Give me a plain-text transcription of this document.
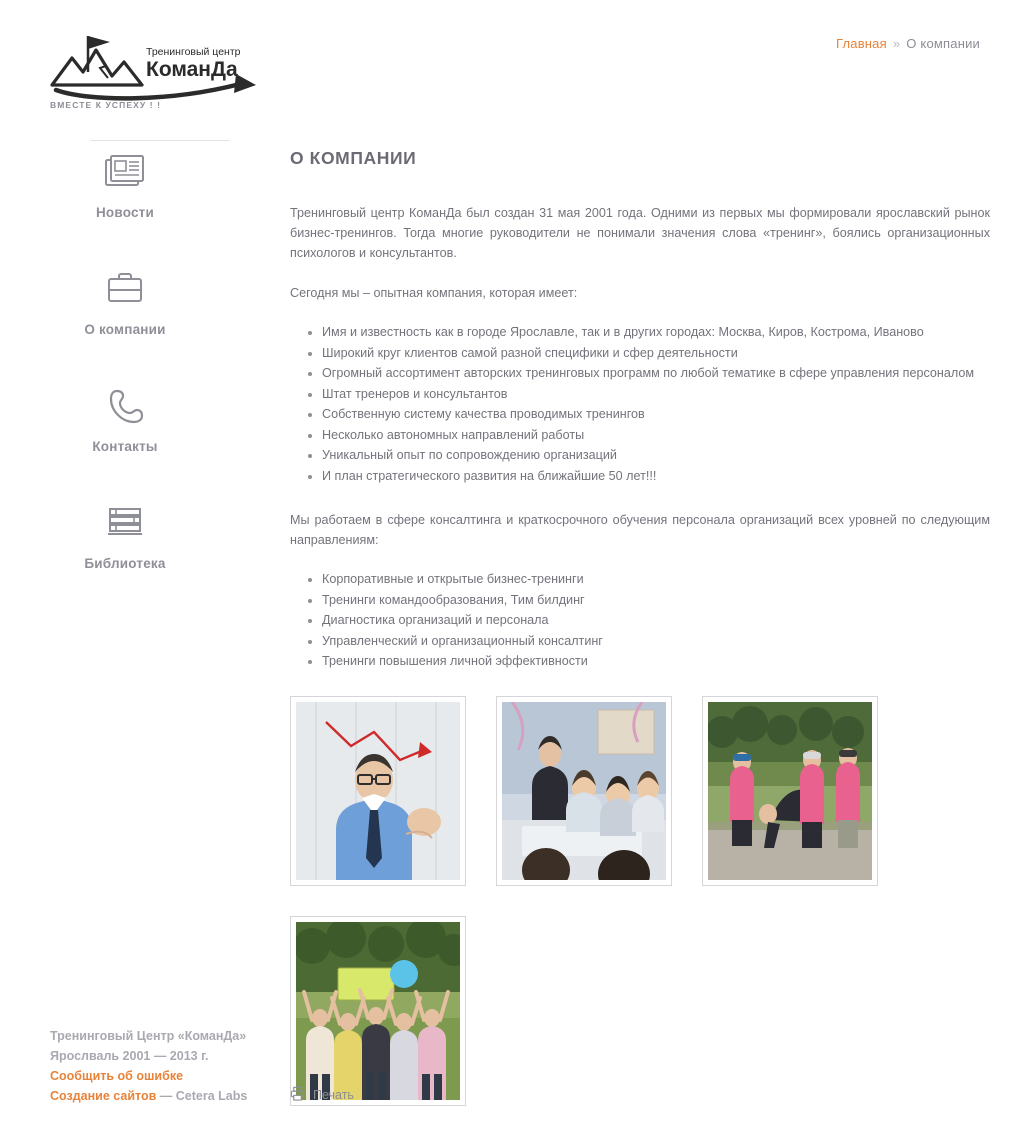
Главная » О компании
Тренинговый центр
КоманДа
ВМЕСТЕ К УСПЕХУ ! !
Новости
О компании
Контакты
Библиотека
Тренинговый Центр «КоманДа»
Ярослваль 2001 — 2013 г.
Сообщить об ошибке
Создание сайтов — Cetera Labs
О КОМПАНИИ

Тренинговый центр КоманДа был создан 31 мая 2001 года. Одними из первых мы формировали ярославский рынок бизнес-тренингов. Тогда многие руководители не понимали значения слова «тренинг», боялись организационных психологов и консультантов.

Сегодня мы – опытная компания, которая имеет:

Имя и известность как в городе Ярославле, так и в других городах: Москва, Киров, Кострома, Иваново
Широкий круг клиентов самой разной специфики и сфер деятельности
Огромный ассортимент авторских тренинговых программ по любой тематике в сфере управления персоналом
Штат тренеров и консультантов
Собственную систему качества проводимых тренингов
Несколько автономных направлений работы
Уникальный опыт по сопровождению организаций
И план стратегического развития на ближайшие 50 лет!!!

Мы работаем в сфере консалтинга и краткосрочного обучения персонала организаций всех уровней по следующим направлениям:

Корпоративные и открытые бизнес-тренинги
Тренинги командообразования, Тим билдинг
Диагностика организаций и персонала
Управленческий и организационный консалтинг
Тренинги повышения личной эффективности
Печать
